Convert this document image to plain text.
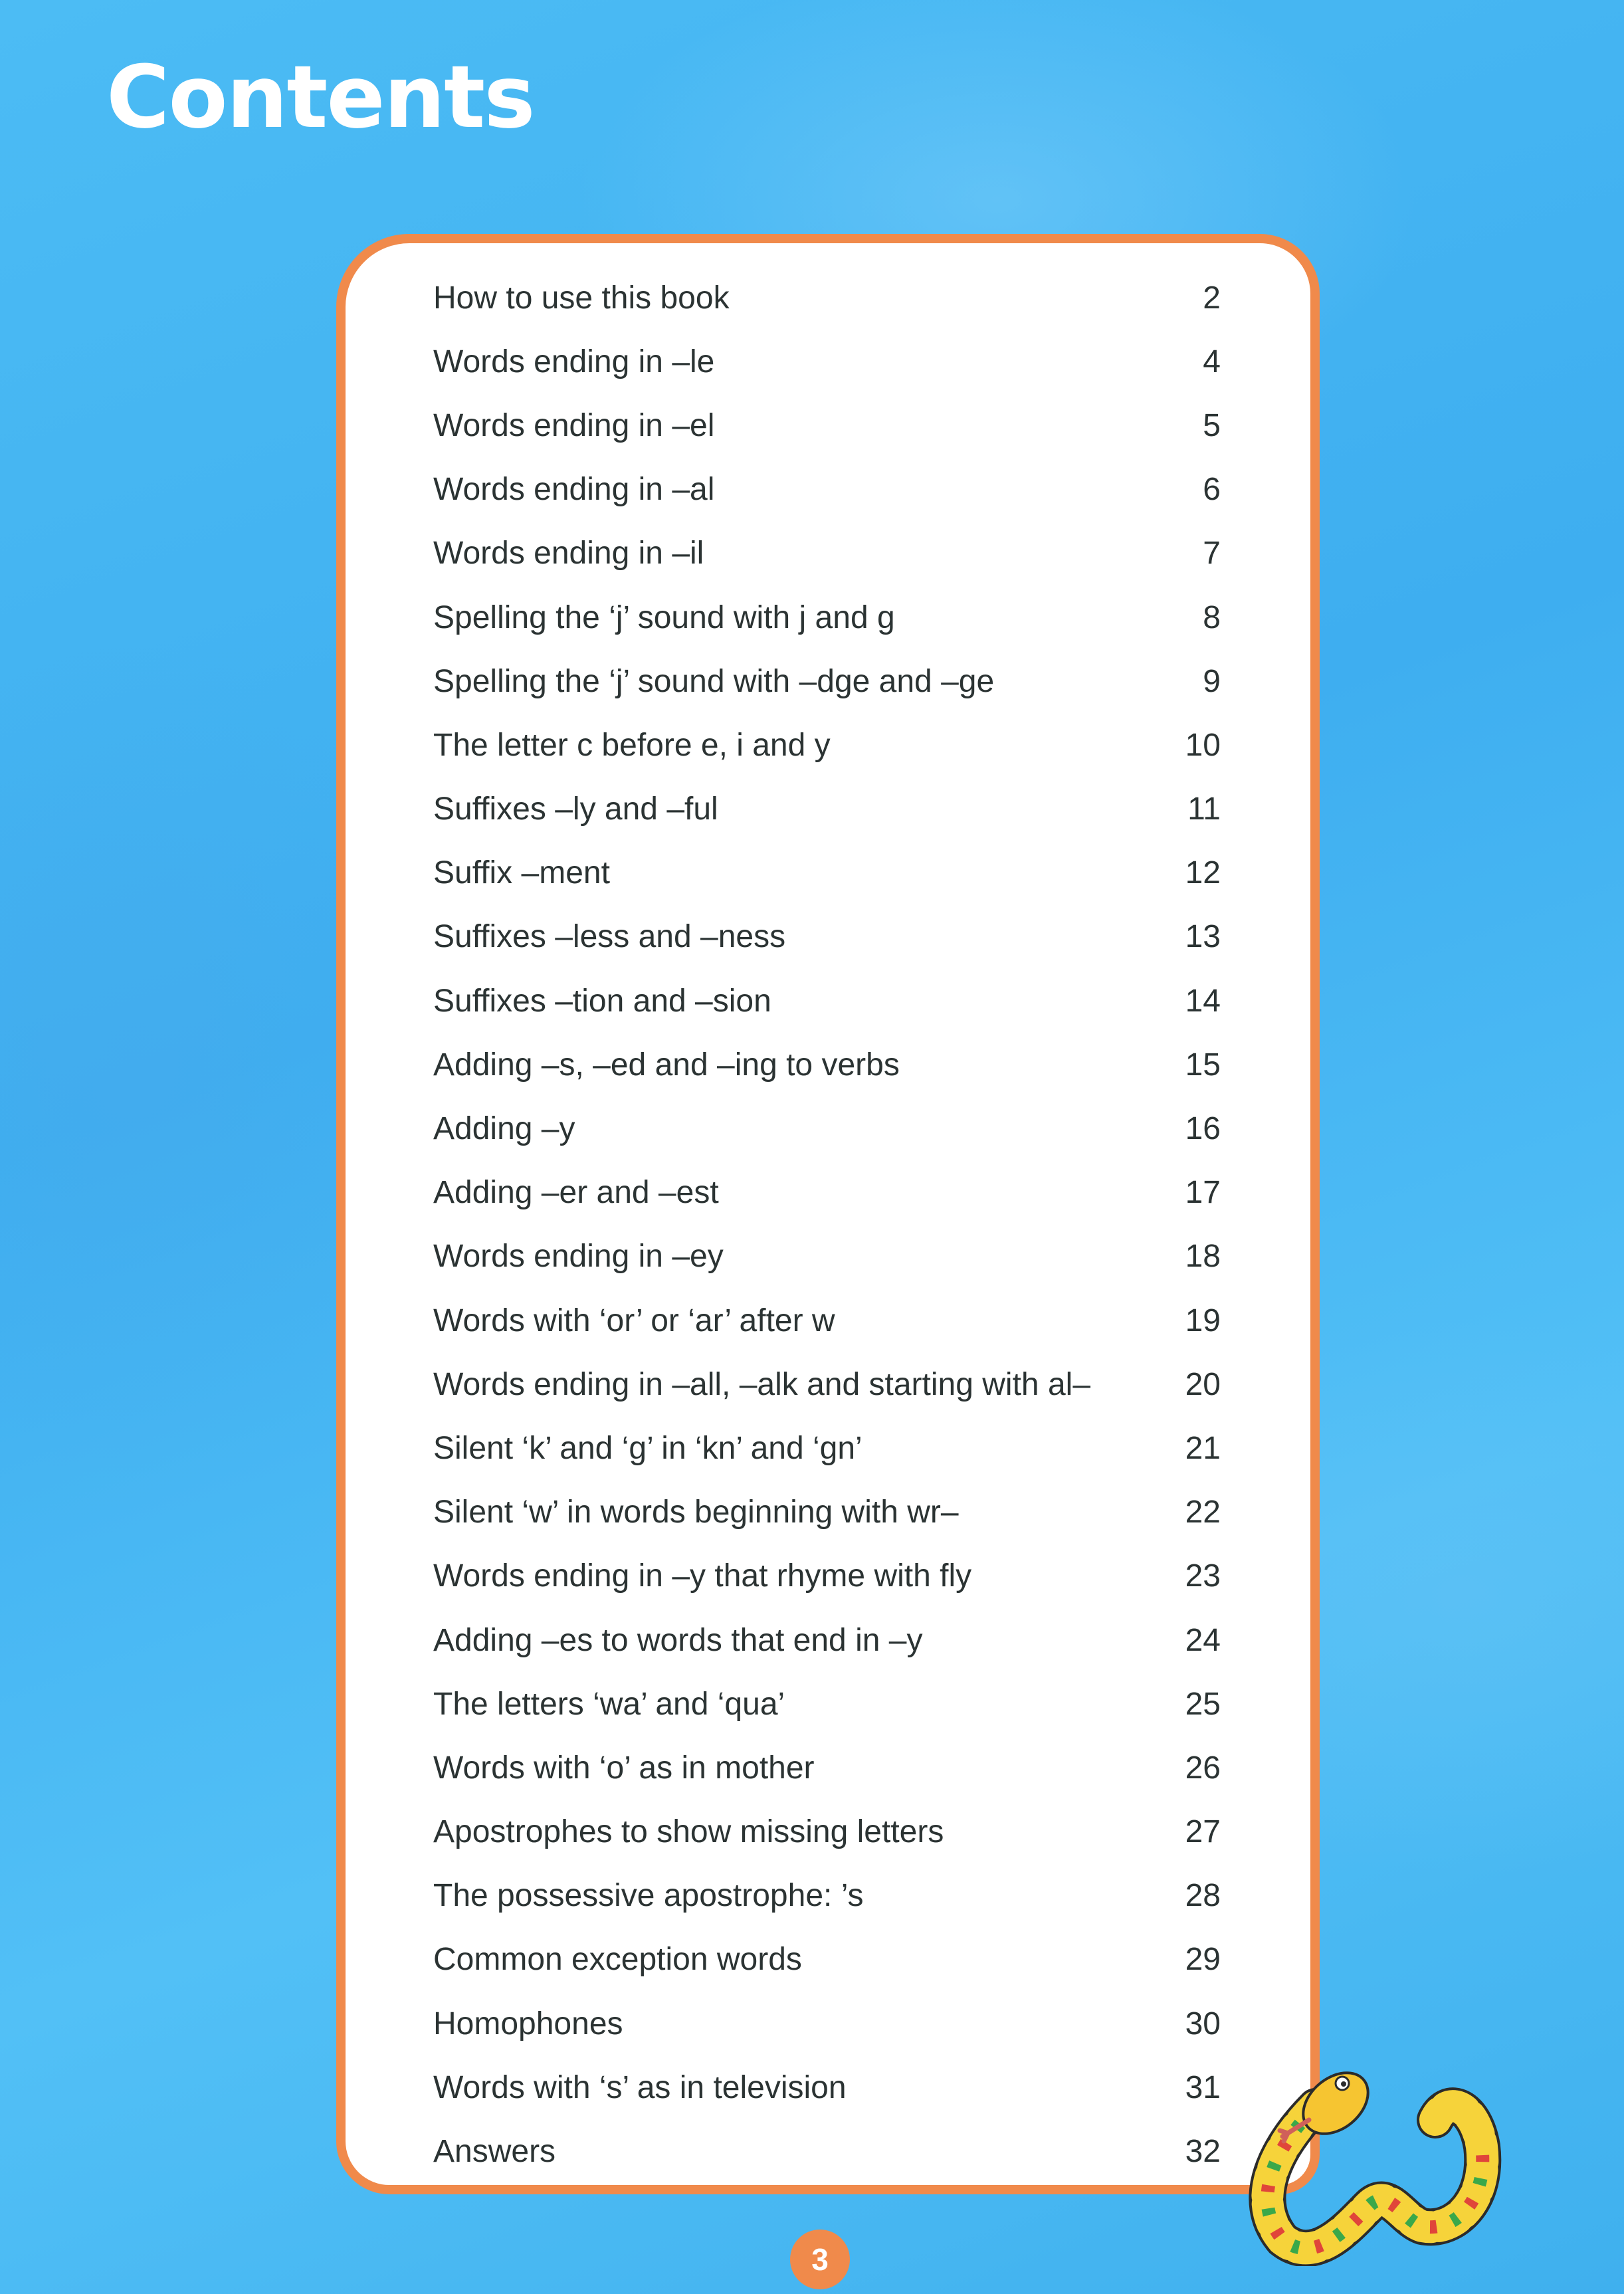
Contents
How to use this book	2
Words ending in –le	4
Words ending in –el	5
Words ending in –al	6
Words ending in –il	7
Spelling the ‘j’ sound with j and g	8
Spelling the ‘j’ sound with –dge and –ge	9
The letter c before e, i and y	10
Suffixes –ly and –ful	11
Suffix –ment	12
Suffixes –less and –ness	13
Suffixes –tion and –sion	14
Adding –s, –ed and –ing to verbs	15
Adding –y	16
Adding –er and –est	17
Words ending in –ey	18
Words with ‘or’ or ‘ar’ after w	19
Words ending in –all, –alk and starting with al–	20
Silent ‘k’ and ‘g’ in ‘kn’ and ‘gn’	21
Silent ‘w’ in words beginning with wr–	22
Words ending in –y that rhyme with fly	23
Adding –es to words that end in –y	24
The letters ‘wa’ and ‘qua’	25
Words with ‘o’ as in mother	26
Apostrophes to show missing letters	27
The possessive apostrophe: ’s	28
Common exception words	29
Homophones	30
Words with ‘s’ as in television	31
Answers	32
3
